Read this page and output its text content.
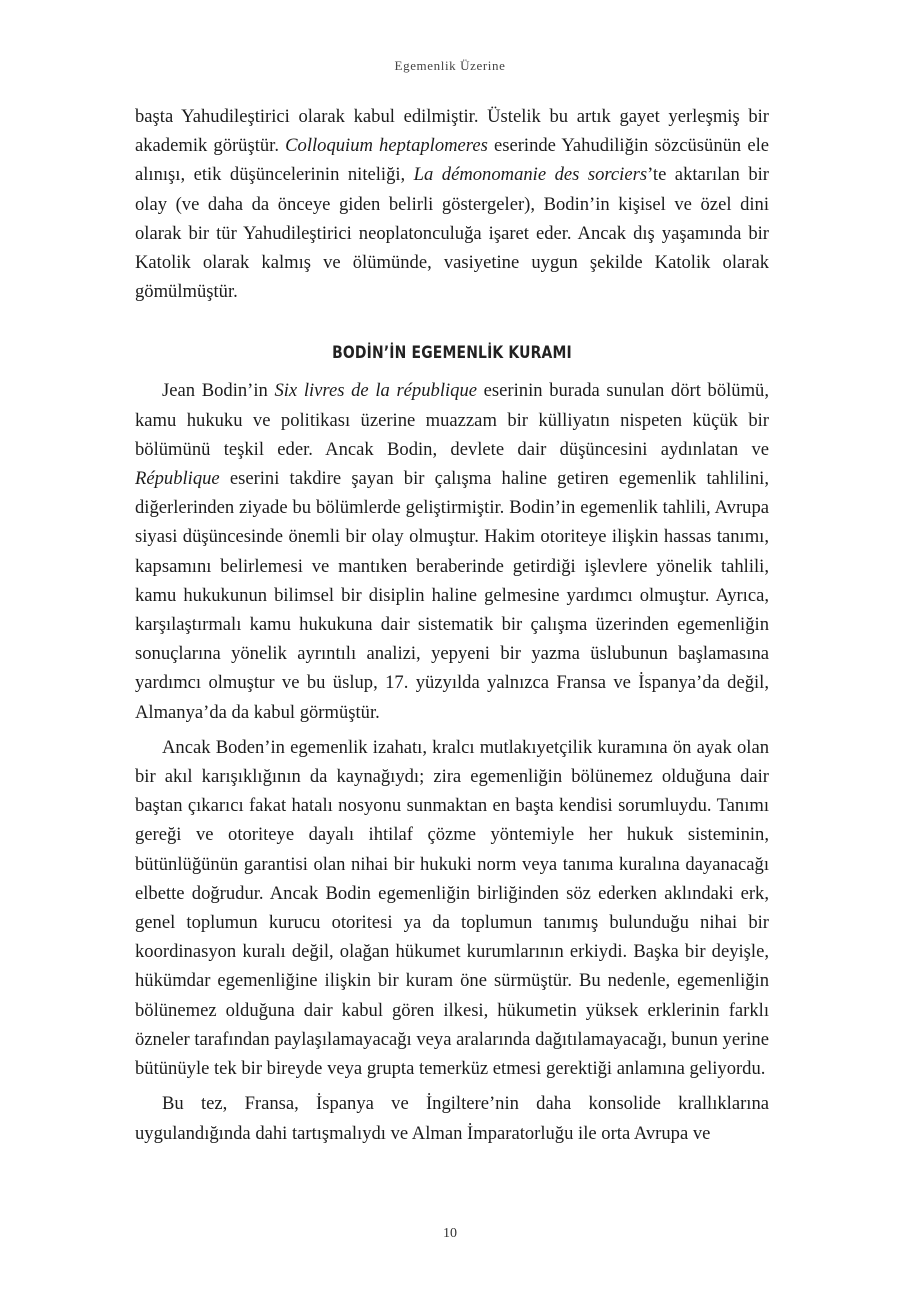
Egemenlik Üzerine

başta Yahudileştirici olarak kabul edilmiştir. Üstelik bu artık gayet yerleşmiş bir akademik görüştür. Colloquium heptaplomeres eserinde Yahudiliğin sözcüsünün ele alınışı, etik düşüncelerinin niteliği, La démonomanie des sorciers’te aktarılan bir olay (ve daha da önceye giden belirli göstergeler), Bodin’in kişisel ve özel dini olarak bir tür Yahudileştirici neoplatonculuğa işaret eder. Ancak dış yaşamında bir Katolik olarak kalmış ve ölümünde, vasiyetine uygun şekilde Katolik olarak gömülmüştür.

BODİN’İN EGEMENLİK KURAMI

Jean Bodin’in Six livres de la république eserinin burada sunulan dört bölümü, kamu hukuku ve politikası üzerine muazzam bir külliyatın nispeten küçük bir bölümünü teşkil eder. Ancak Bodin, devlete dair düşüncesini aydınlatan ve République eserini takdire şayan bir çalışma haline getiren egemenlik tahlilini, diğerlerinden ziyade bu bölümlerde geliştirmiştir. Bodin’in egemenlik tahlili, Avrupa siyasi düşüncesinde önemli bir olay olmuştur. Hakim otoriteye ilişkin hassas tanımı, kapsamını belirlemesi ve mantıken beraberinde getirdiği işlevlere yönelik tahlili, kamu hukukunun bilimsel bir disiplin haline gelmesine yardımcı olmuştur. Ayrıca, karşılaştırmalı kamu hukukuna dair sistematik bir çalışma üzerinden egemenliğin sonuçlarına yönelik ayrıntılı analizi, yepyeni bir yazma üslubunun başlamasına yardımcı olmuştur ve bu üslup, 17. yüzyılda yalnızca Fransa ve İspanya’da değil, Almanya’da da kabul görmüştür.

Ancak Boden’in egemenlik izahatı, kralcı mutlakıyetçilik kuramına ön ayak olan bir akıl karışıklığının da kaynağıydı; zira egemenliğin bölünemez olduğuna dair baştan çıkarıcı fakat hatalı nosyonu sunmaktan en başta kendisi sorumluydu. Tanımı gereği ve otoriteye dayalı ihtilaf çözme yöntemiyle her hukuk sisteminin, bütünlüğünün garantisi olan nihai bir hukuki norm veya tanıma kuralına dayanacağı elbette doğrudur. Ancak Bodin egemenliğin birliğinden söz ederken aklındaki erk, genel toplumun kurucu otoritesi ya da toplumun tanımış bulunduğu nihai bir koordinasyon kuralı değil, olağan hükumet kurumlarının erkiydi. Başka bir deyişle, hükümdar egemenliğine ilişkin bir kuram öne sürmüştür. Bu nedenle, egemenliğin bölünemez olduğuna dair kabul gören ilkesi, hükumetin yüksek erklerinin farklı özneler tarafından paylaşılamayacağı veya aralarında dağıtılamayacağı, bunun yerine bütünüyle tek bir bireyde veya grupta temerküz etmesi gerektiği anlamına geliyordu.

Bu tez, Fransa, İspanya ve İngiltere’nin daha konsolide krallıklarına uygulandığında dahi tartışmalıydı ve Alman İmparatorluğu ile orta Avrupa ve

10
